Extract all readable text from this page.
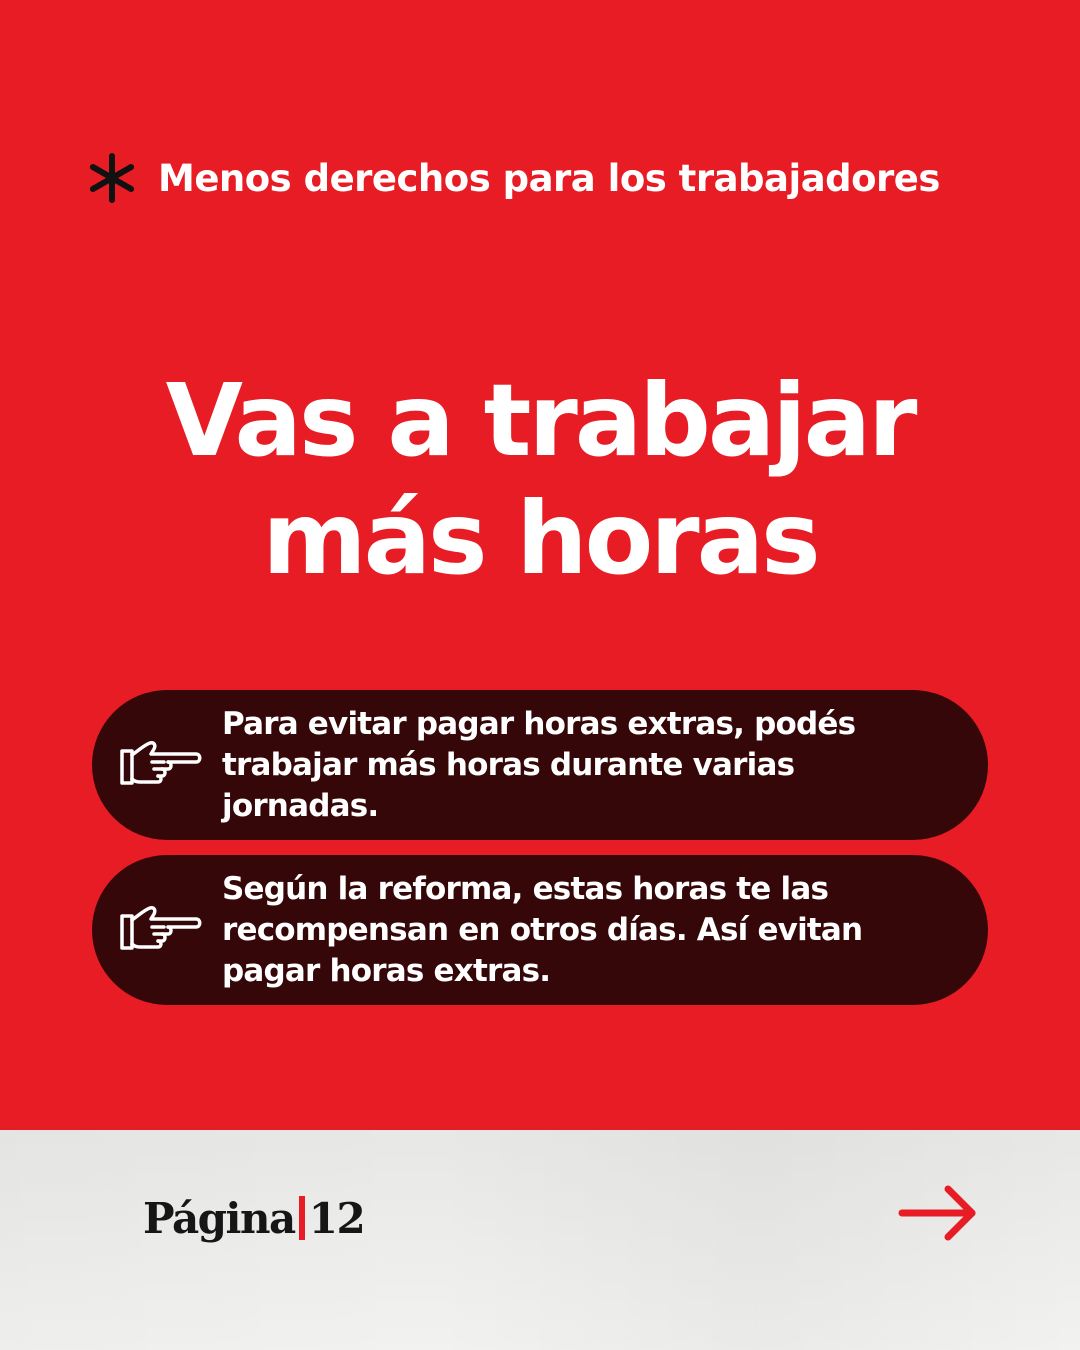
Menos derechos para los trabajadores
Vas a trabajar
más horas
Para evitar pagar horas extras, podés
trabajar más horas durante varias
jornadas.
Según la reforma, estas horas te las
recompensan en otros días. Así evitan
pagar horas extras.
Página 12
